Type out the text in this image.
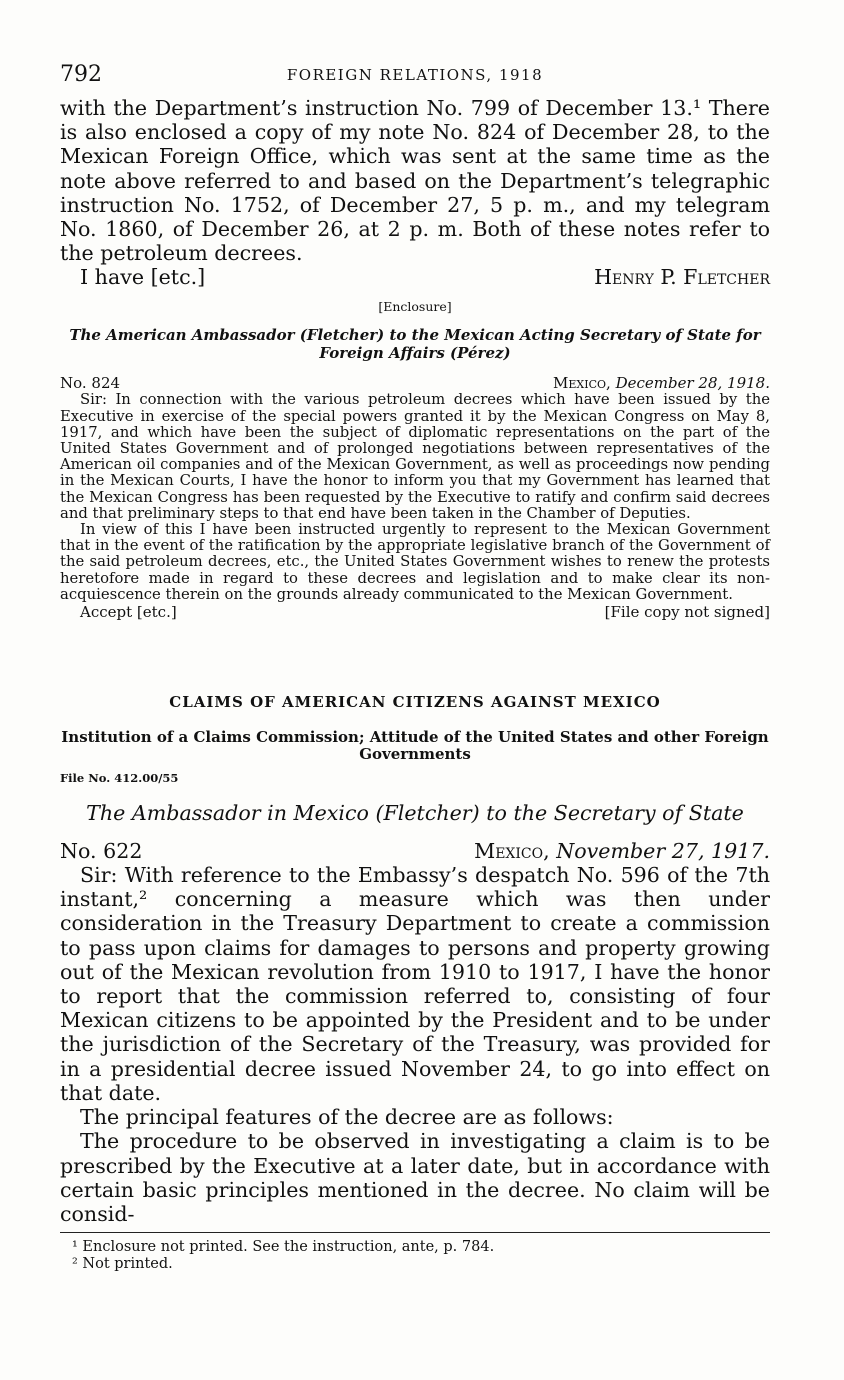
792	FOREIGN RELATIONS, 1918

with the Department’s instruction No. 799 of December 13.¹ There is also enclosed a copy of my note No. 824 of December 28, to the Mexican Foreign Office, which was sent at the same time as the note above referred to and based on the Department’s telegraphic instruction No. 1752, of December 27, 5 p. m., and my telegram No. 1860, of December 26, at 2 p. m. Both of these notes refer to the petroleum decrees.

I have [etc.]	Henry P. Fletcher
[Enclosure]
The American Ambassador (Fletcher) to the Mexican Acting Secretary of State for Foreign Affairs (Pérez)
No. 824	Mexico, December 28, 1918.

Sir: In connection with the various petroleum decrees which have been issued by the Executive in exercise of the special powers granted it by the Mexican Congress on May 8, 1917, and which have been the subject of diplomatic representations on the part of the United States Government and of prolonged negotiations between representatives of the American oil companies and of the Mexican Government, as well as proceedings now pending in the Mexican Courts, I have the honor to inform you that my Government has learned that the Mexican Congress has been requested by the Executive to ratify and confirm said decrees and that preliminary steps to that end have been taken in the Chamber of Deputies.

In view of this I have been instructed urgently to represent to the Mexican Government that in the event of the ratification by the appropriate legislative branch of the Government of the said petroleum decrees, etc., the United States Government wishes to renew the protests heretofore made in regard to these decrees and legislation and to make clear its non-acquiescence therein on the grounds already communicated to the Mexican Government.

Accept [etc.]	[File copy not signed]
CLAIMS OF AMERICAN CITIZENS AGAINST MEXICO
Institution of a Claims Commission; Attitude of the United States and other Foreign Governments
File No. 412.00/55
The Ambassador in Mexico (Fletcher) to the Secretary of State
No. 622	Mexico, November 27, 1917.

Sir: With reference to the Embassy’s despatch No. 596 of the 7th instant,² concerning a measure which was then under consideration in the Treasury Department to create a commission to pass upon claims for damages to persons and property growing out of the Mexican revolution from 1910 to 1917, I have the honor to report that the commission referred to, consisting of four Mexican citizens to be appointed by the President and to be under the jurisdiction of the Secretary of the Treasury, was provided for in a presidential decree issued November 24, to go into effect on that date.

The principal features of the decree are as follows:

The procedure to be observed in investigating a claim is to be prescribed by the Executive at a later date, but in accordance with certain basic principles mentioned in the decree. No claim will be consid-

¹ Enclosure not printed. See the instruction, ante, p. 784.

² Not printed.
